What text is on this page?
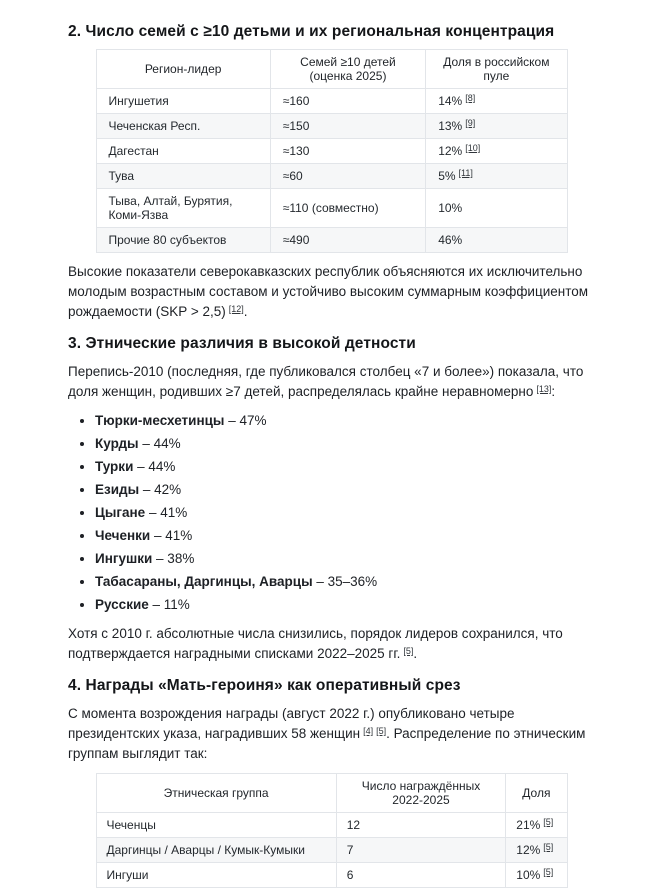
2. Число семей с ≥10 детьми и их региональная концентрация
Регион-лидер	Семей ≥10 детей (оценка 2025)	Доля в российском пуле
Ингушетия	≈160	14% [8]
Чеченская Респ.	≈150	13% [9]
Дагестан	≈130	12% [10]
Тува	≈60	5% [11]
Тыва, Алтай, Бурятия, Коми-Язва	≈110 (совместно)	10%
Прочие 80 субъектов	≈490	46%

Высокие показатели северокавказских республик объясняются их исключительно молодым возрастным составом и устойчиво высоким суммарным коэффициентом рождаемости (SKP > 2,5) [12].

3. Этнические различия в высокой детности

Перепись-2010 (последняя, где публиковался столбец «7 и более») показала, что доля женщин, родивших ≥7 детей, распределялась крайне неравномерно [13]:

• Тюрки-месхетинцы – 47%
• Курды – 44%
• Турки – 44%
• Езиды – 42%
• Цыгане – 41%
• Чеченки – 41%
• Ингушки – 38%
• Табасараны, Даргинцы, Аварцы – 35–36%
• Русские – 11%

Хотя с 2010 г. абсолютные числа снизились, порядок лидеров сохранился, что подтверждается наградными списками 2022–2025 гг. [5].

4. Награды «Мать-героиня» как оперативный срез

С момента возрождения награды (август 2022 г.) опубликовано четыре президентских указа, наградивших 58 женщин [4] [5]. Распределение по этническим группам выглядит так:

Этническая группа	Число награждённых 2022-2025	Доля
Чеченцы	12	21% [5]
Даргинцы / Аварцы / Кумык-Кумыки	7	12% [5]
Ингуши	6	10% [5]
